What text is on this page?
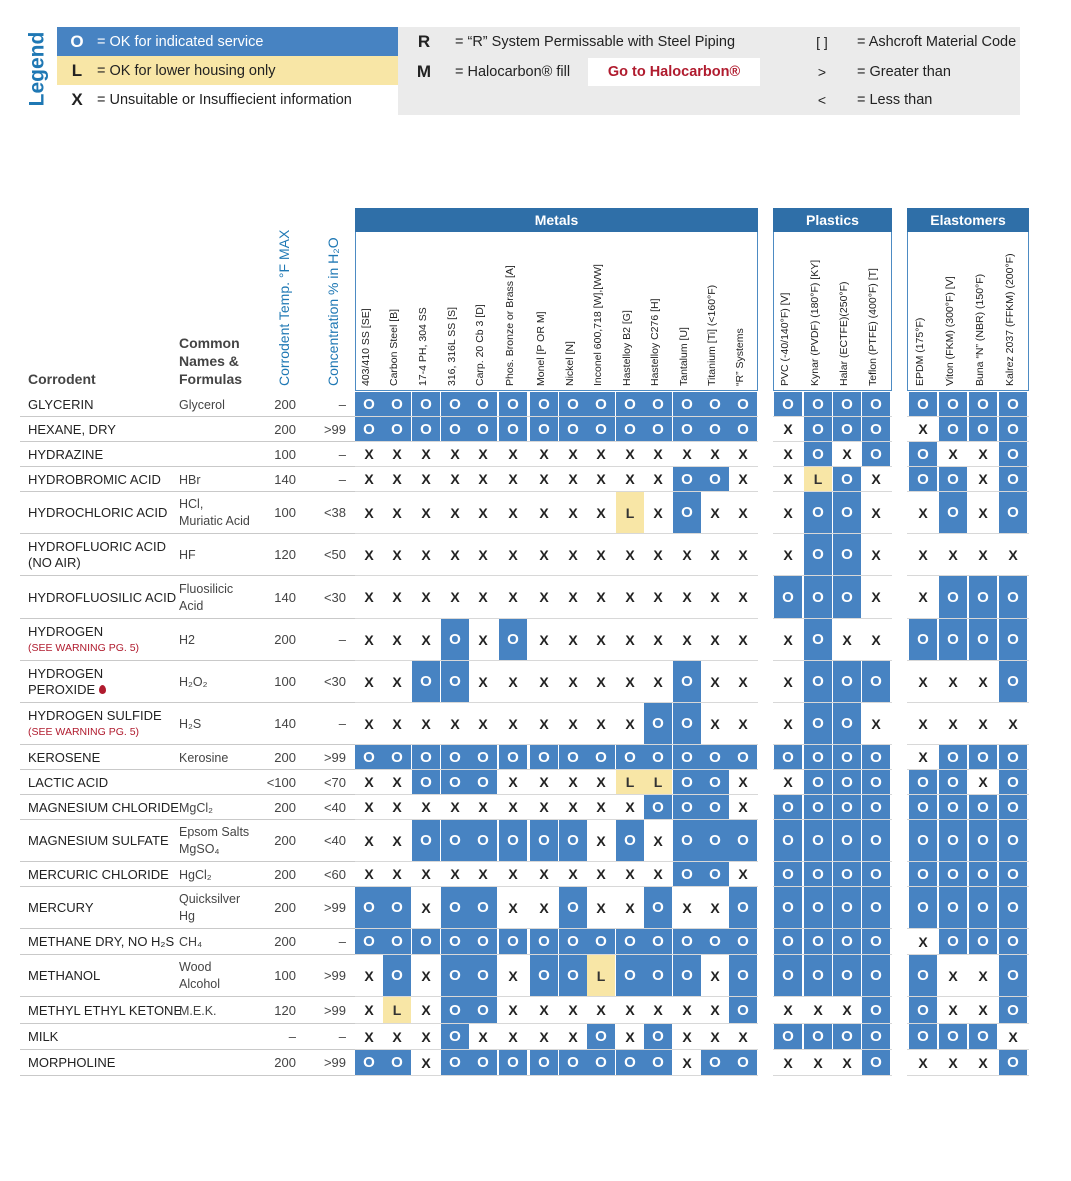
Legend	O = OK for indicated service
L	= OK for lower housing only
X = Unsuitable or Insuffiecient information
R	= “R” System Permissable with Steel Piping
M	= Halocarbon® fill	Go to Halocarbon®
[ ]	= Ashcroft Material Code
>	= Greater than
<	= Less than
Metals	Plastics	Elastomers
Corrodent
Common Names & Formulas	Corrodent Temp. °F MAX	Concentration % in H₂O	403/410 SS [SE]	Carbon Steel [B]	17-4 PH, 304 SS	316, 316L SS [S]	Carp. 20 Cb 3 [D]	Phos. Bronze or Brass [A]	Monel [P OR M]	Nickel [N]	Inconel 600,718 [W],[WW]	Hastelloy B2 [G]	Hastelloy C276 [H]	Tantalum [U]	Titanium [Ti] (<160°F)	“R” Systems	PVC (-40/140°F) [V]	Kynar (PVDF) (180°F) [KY]	Halar (ECTFE)(250°F)	Teflon (PTFE) (400°F) [T]	EPDM (175°F)	Viton (FKM) (300°F) [V]	Buna “N” (NBR) (150°F)	Kalrez 2037 (FFKM) (200°F)
GLYCERIN	Glycerol	200	–	O	O	O	O	O	O	O	O	O	O	O	O	O	O	O	O	O	O	O	O	O	O
HEXANE, DRY	200	>99	O	O	O	O	O	O	O	O	O	O	O	O	O	O	X	O	O	O	X	O	O	O
HYDRAZINE	100	–	X	X	X	X	X	X	X	X	X	X	X	X	X	X	X	O	X	O	O	X	X	O
HYDROBROMIC ACID HBr	140	–	X	X	X	X	X	X	X	X	X	X	X	O	O	X	X	L	O	X	O	O	X	O
HYDROCHLORIC ACID
HCl,
Muriatic Acid
100	<38	X	X	X	X	X	X	X	X	X	L	X	O	X	X	X	O	O	X	X	O	X	O
HYDROFLUORIC ACID
(NO AIR)	HF	120	<50	X	X	X	X	X	X	X	X	X	X	X	X	X	X	X	O	O	X	X	X	X	X
HYDROFLUOSILIC ACID
Fluosilicic
Acid
140	<30	X	X	X	X	X	X	X	X	X	X	X	X	X	X	O	O	O	X	X	O	O	O
HYDROGEN
(SEE WARNING PG. 5)
H2	200	–	X	X	X	O	X	O	X	X	X	X	X	X	X	X	X	O	X	X	O	O	O	O
HYDROGEN
PEROXIDE	H₂O₂	100	<30	X	X	O	O	X	X	X	X	X	X	X	O	X	X	X	O	O	O	X	X	X	O
HYDROGEN SULFIDE
(SEE WARNING PG. 5)
H₂S	140	–	X	X	X	X	X	X	X	X	X	X	O	O	X	X	X	O	O	X	X	X	X	X
KEROSENE	Kerosine	200	>99	O	O	O	O	O	O	O	O	O	O	O	O	O	O	O	O	O	O	X	O	O	O
LACTIC ACID	<100	<70	X	X	O	O	O	X	X	X	X	L	L	O	O	X	X	O	O	O	O	O	X	O
MAGNESIUM CHLORIDE MgCl₂	200	<40	X	X	X	X	X	X	X	X	X	X	O	O	O	X	O	O	O	O	O	O	O	O
MAGNESIUM SULFATE
Epsom Salts
MgSO₄
200	<40	X	X	O	O	O	O	O	O	X	O	X	O	O	O	O	O	O	O	O	O	O	O
MERCURIC CHLORIDE HgCl₂	200	<60	X	X	X	X	X	X	X	X	X	X	X	O	O	X	O	O	O	O	O	O	O	O
MERCURY
Quicksilver
Hg
200	>99	O	O	X	O	O	X	X	O	X	X	O	X	X	O	O	O	O	O	O	O	O	O
METHANE DRY, NO H₂S CH₄	200	–	O	O	O	O	O	O	O	O	O	O	O	O	O	O	O	O	O	O	X	O	O	O
METHANOL
Wood
Alcohol
100	>99	X	O	X	O	O	X	O	O	L	O	O	O	X	O	O	O	O	O	O	X	X	O
METHYL ETHYL KETONE
M.E.K.	120	>99	X	L	X	O	O	X	X	X	X	X	X	X	X	O	X	X	X	O	O	X	X	O
MILK	–	–	X	X	X	O	X	X	X	X	O	X	O	X	X	X	O	O	O	O	O	O	O	X
MORPHOLINE	200	>99	O	O	X	O	O	O	O	O	O	O	O	X	O	O	X	X	X	O	X	X	X	O
